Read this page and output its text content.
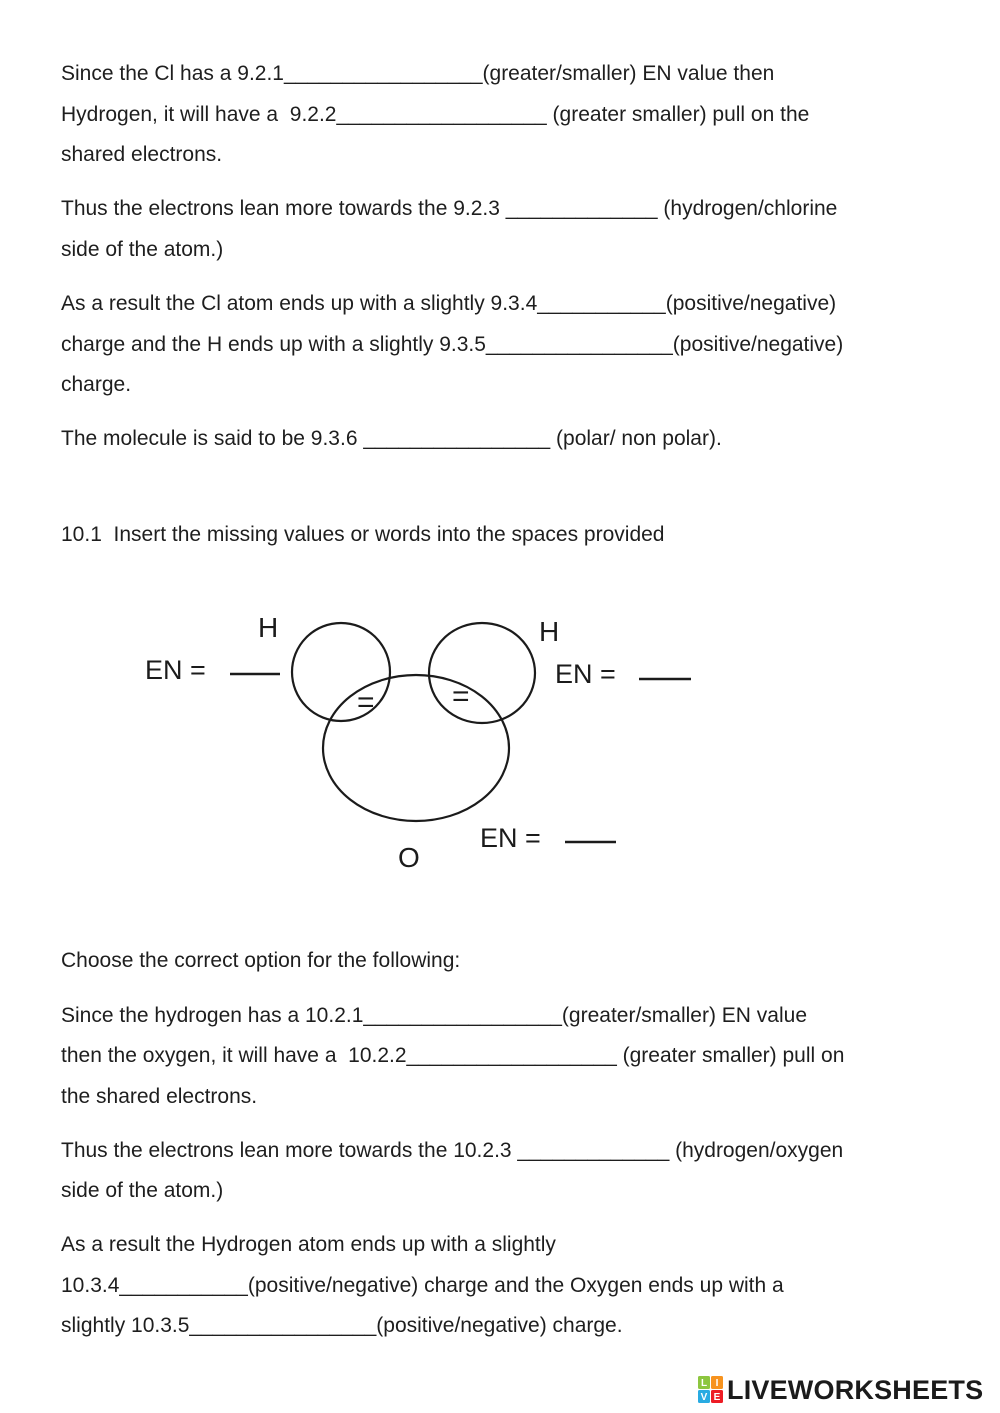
Since the Cl has a 9.2.1_________________(greater/smaller) EN value then

Hydrogen, it will have a  9.2.2__________________ (greater smaller) pull on the

shared electrons.

Thus the electrons lean more towards the 9.2.3 _____________ (hydrogen/chlorine

side of the atom.)

As a result the Cl atom ends up with a slightly 9.3.4___________(positive/negative)

charge and the H ends up with a slightly 9.3.5________________(positive/negative)

charge.

The molecule is said to be 9.3.6 ________________ (polar/ non polar).

10.1  Insert the missing values or words into the spaces provided

H	H
O
EN =	EN =
EN =
=	=

Choose the correct option for the following:

Since the hydrogen has a 10.2.1_________________(greater/smaller) EN value

then the oxygen, it will have a  10.2.2__________________ (greater smaller) pull on

the shared electrons.

Thus the electrons lean more towards the 10.2.3 _____________ (hydrogen/oxygen

side of the atom.)

As a result the Hydrogen atom ends up with a slightly

10.3.4___________(positive/negative) charge and the Oxygen ends up with a

slightly 10.3.5________________(positive/negative) charge.

L I
V E LIVEWORKSHEETS
